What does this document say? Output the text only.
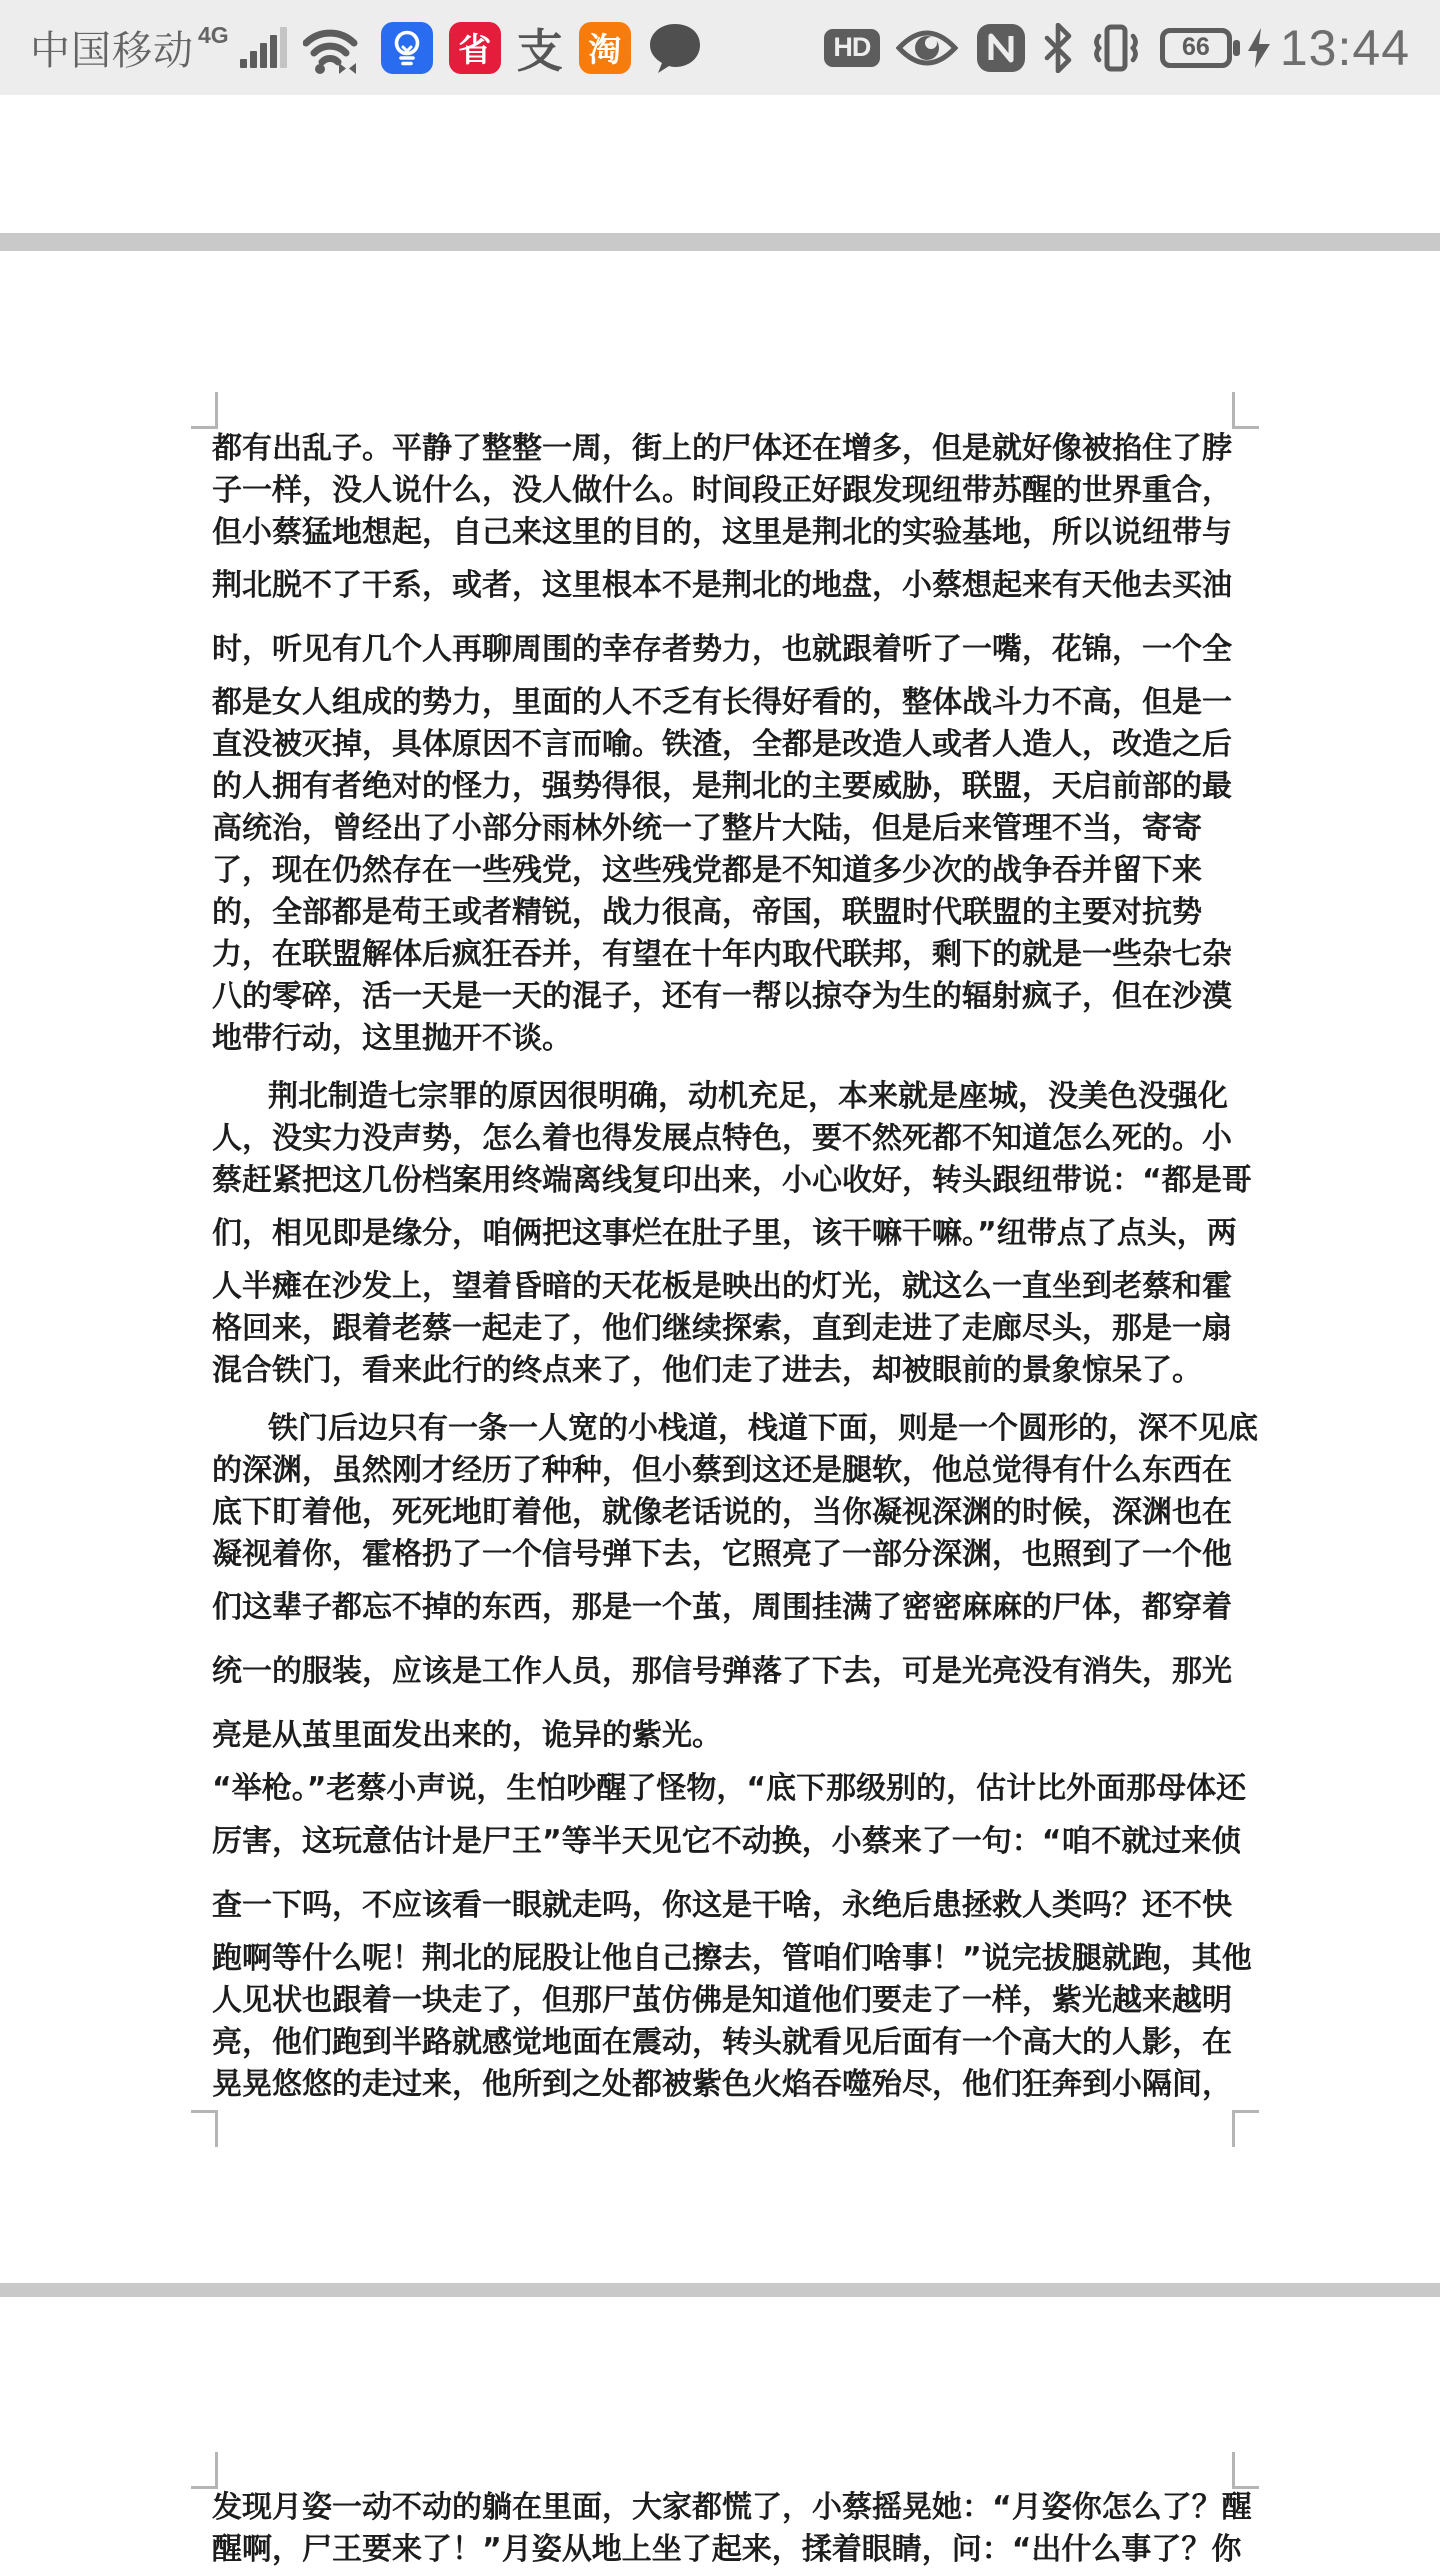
中国移动 4G	省 支 淘	HD	66 13:44
都有出乱子。平静了整整一周，街上的尸体还在增多，但是就好像被掐住了脖
子一样，没人说什么，没人做什么。时间段正好跟发现纽带苏醒的世界重合，
但小蔡猛地想起，自己来这里的目的，这里是荆北的实验基地，所以说纽带与
荆北脱不了干系，或者，这里根本不是荆北的地盘，小蔡想起来有天他去买油
时，听见有几个人再聊周围的幸存者势力，也就跟着听了一嘴，花锦，一个全
都是女人组成的势力，里面的人不乏有长得好看的，整体战斗力不高，但是一
直没被灭掉，具体原因不言而喻。铁渣，全都是改造人或者人造人，改造之后
的人拥有者绝对的怪力，强势得很，是荆北的主要威胁，联盟，天启前部的最
高统治，曾经出了小部分雨林外统一了整片大陆，但是后来管理不当，寄寄
了，现在仍然存在一些残党，这些残党都是不知道多少次的战争吞并留下来
的，全部都是苟王或者精锐，战力很高，帝国，联盟时代联盟的主要对抗势
力，在联盟解体后疯狂吞并，有望在十年内取代联邦，剩下的就是一些杂七杂
八的零碎，活一天是一天的混子，还有一帮以掠夺为生的辐射疯子，但在沙漠
地带行动，这里抛开不谈。
荆北制造七宗罪的原因很明确，动机充足，本来就是座城，没美色没强化
人，没实力没声势，怎么着也得发展点特色，要不然死都不知道怎么死的。小
蔡赶紧把这几份档案用终端离线复印出来，小心收好，转头跟纽带说：“都是哥
们，相见即是缘分，咱俩把这事烂在肚子里，该干嘛干嘛。”纽带点了点头，两
人半瘫在沙发上，望着昏暗的天花板是映出的灯光，就这么一直坐到老蔡和霍
格回来，跟着老蔡一起走了，他们继续探索，直到走进了走廊尽头，那是一扇
混合铁门，看来此行的终点来了，他们走了进去，却被眼前的景象惊呆了。
铁门后边只有一条一人宽的小栈道，栈道下面，则是一个圆形的，深不见底
的深渊，虽然刚才经历了种种，但小蔡到这还是腿软，他总觉得有什么东西在
底下盯着他，死死地盯着他，就像老话说的，当你凝视深渊的时候，深渊也在
凝视着你，霍格扔了一个信号弹下去，它照亮了一部分深渊，也照到了一个他
们这辈子都忘不掉的东西，那是一个茧，周围挂满了密密麻麻的尸体，都穿着
统一的服装，应该是工作人员，那信号弹落了下去，可是光亮没有消失，那光
亮是从茧里面发出来的，诡异的紫光。
“举枪。”老蔡小声说，生怕吵醒了怪物，“底下那级别的，估计比外面那母体还
厉害，这玩意估计是尸王”等半天见它不动换，小蔡来了一句：“咱不就过来侦
查一下吗，不应该看一眼就走吗，你这是干啥，永绝后患拯救人类吗？还不快
跑啊等什么呢！荆北的屁股让他自己擦去，管咱们啥事！”说完拔腿就跑，其他
人见状也跟着一块走了，但那尸茧仿佛是知道他们要走了一样，紫光越来越明
亮，他们跑到半路就感觉地面在震动，转头就看见后面有一个高大的人影，在
晃晃悠悠的走过来，他所到之处都被紫色火焰吞噬殆尽，他们狂奔到小隔间，
发现月姿一动不动的躺在里面，大家都慌了，小蔡摇晃她：“月姿你怎么了？醒
醒啊，尸王要来了！”月姿从地上坐了起来，揉着眼睛，问：“出什么事了？你
